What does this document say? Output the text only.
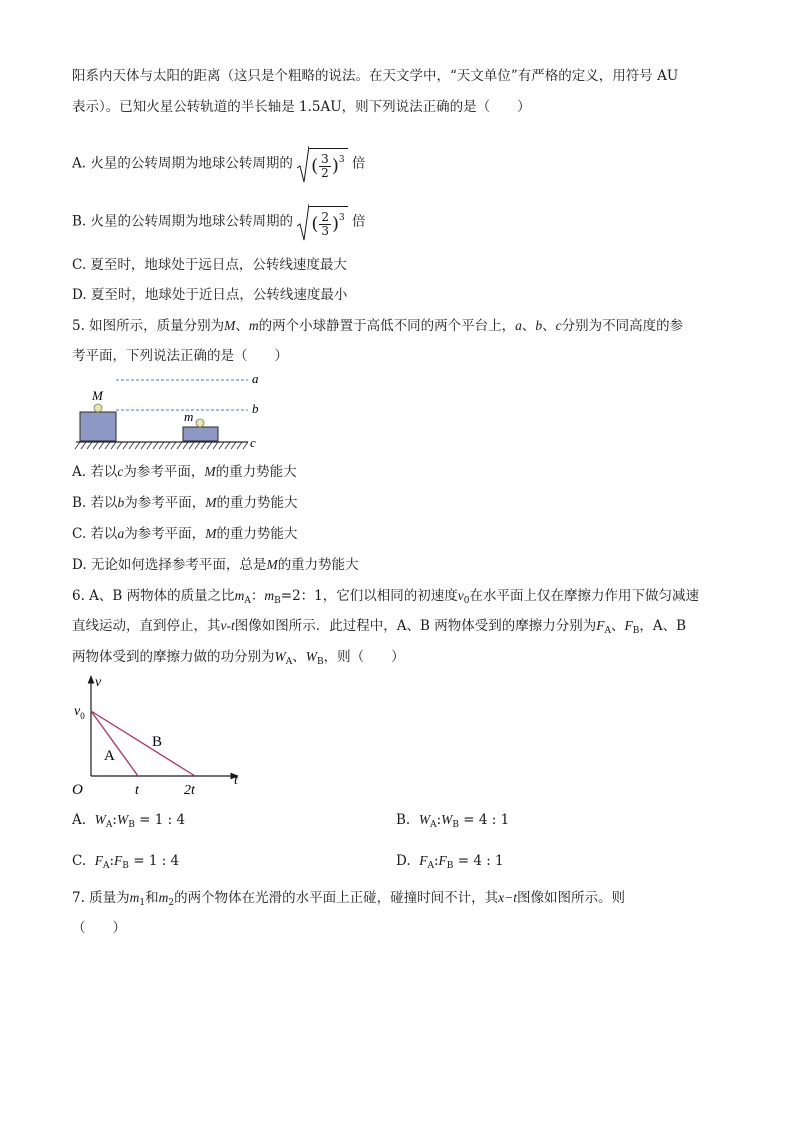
阳系内天体与太阳的距离（这只是个粗略的说法。在天文学中，“天文单位”有严格的定义，用符号 AU
表示）。已知火星公转轨道的半长轴是 1.5AU，则下列说法正确的是（　　）
A. 火星的公转周期为地球公转周期的 ( $\frac{3}{2} )^3$ 倍
B. 火星的公转周期为地球公转周期的 ( $\frac{2}{3} )^3$ 倍
C. 夏至时，地球处于远日点，公转线速度最大
D. 夏至时，地球处于近日点，公转线速度最小
5. 如图所示，质量分别为M、m的两个小球静置于高低不同的两个平台上，a、b、c分别为不同高度的参
考平面，下列说法正确的是（　　）
M
m
a
b
c
A. 若以c为参考平面，M的重力势能大
B. 若以b为参考平面，M的重力势能大
C. 若以a为参考平面，M的重力势能大
D. 无论如何选择参考平面，总是M的重力势能大
6. A、B 两物体的质量之比$m_A$：$m_B=2$：1，它们以相同的初速度$v_0$在水平面上仅在摩擦力作用下做匀减速
直线运动，直到停止，其v-t图像如图所示．此过程中，A、B 两物体受到的摩擦力分别为$F_A$、$F_B$，A、B
两物体受到的摩擦力做的功分别为$W_A$、$W_B$，则（　　）
v
t
O
$v_0$
A
B
t	2t
A. $W_A:W_B = 1$ : 4	B. $W_A:W_B = 4$ : 1
C. $F_A:F_B = 1$ : 4	D. $F_A:F_B = 4$ : 1
7. 质量为$m_1$和$m_2$的两个物体在光滑的水平面上正碰，碰撞时间不计，其x−t图像如图所示。则
（　　）
